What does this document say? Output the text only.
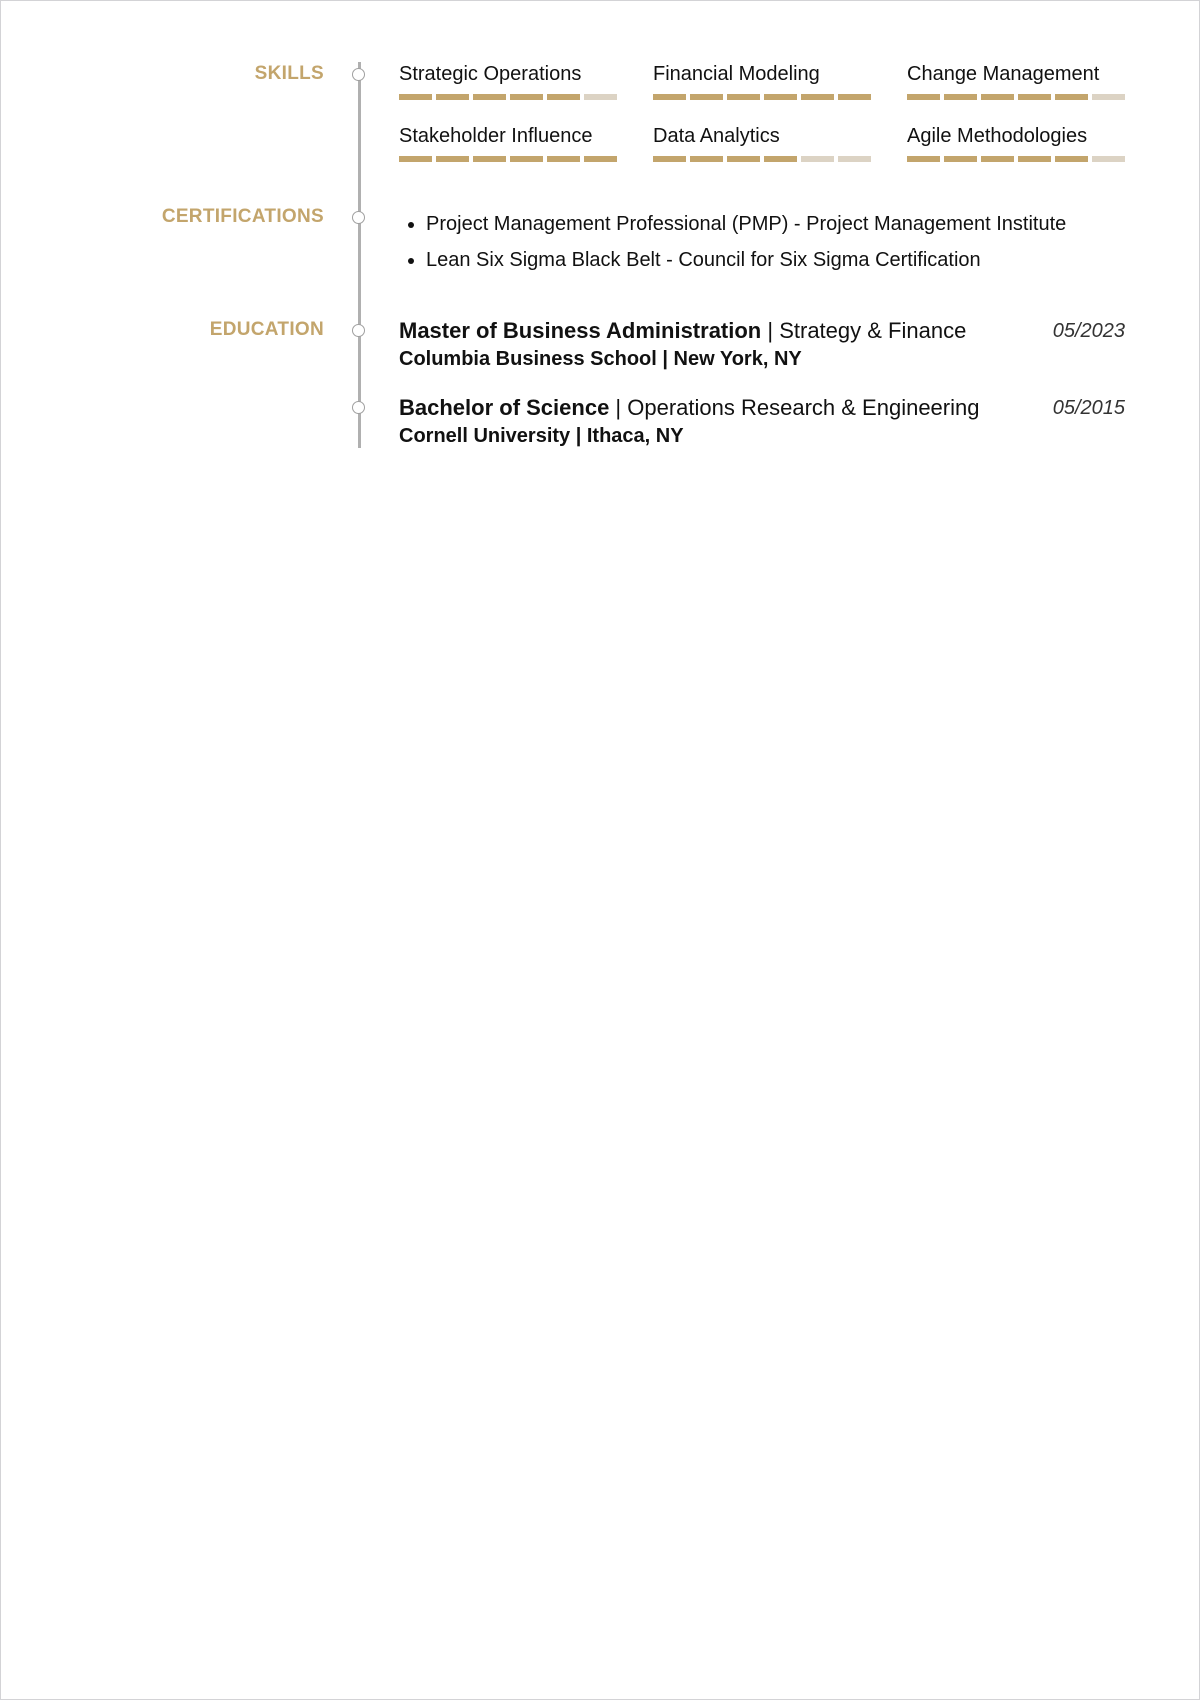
SKILLS	Strategic Operations	Financial Modeling	Change Management
Stakeholder Influence	Data Analytics	Agile Methodologies
CERTIFICATIONS
•	Project Management Professional (PMP) - Project Management Institute
• Lean Six Sigma Black Belt - Council for Six Sigma Certification
EDUCATION	Master of Business Administration | Strategy & Finance	05/2023
Columbia Business School | New York, NY
Bachelor of Science | Operations Research & Engineering	05/2015
Cornell University | Ithaca, NY
